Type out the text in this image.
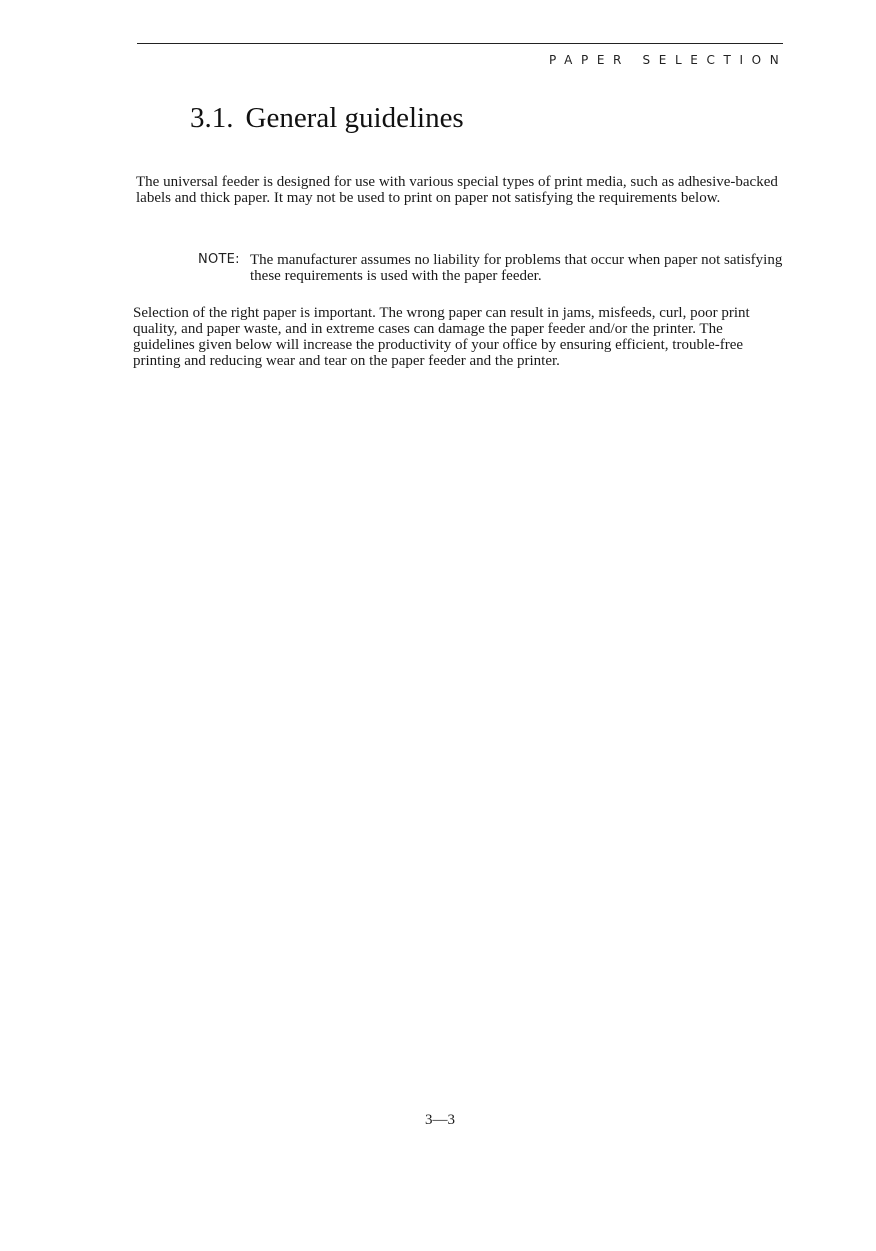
PAPER SELECTION
3.1. General guidelines

The universal feeder is designed for use with various special types of print media, such as adhesive-backed labels and thick paper. It may not be used to print on paper not satisfying the requirements below.

NOTE: The manufacturer assumes no liability for problems that occur when paper not satisfying these requirements is used with the paper feeder.

Selection of the right paper is important. The wrong paper can result in jams, misfeeds, curl, poor print quality, and paper waste, and in extreme cases can damage the paper feeder and/or the printer. The guidelines given below will increase the productivity of your office by ensuring efficient, trouble-free printing and reducing wear and tear on the paper feeder and the printer.

3—3
